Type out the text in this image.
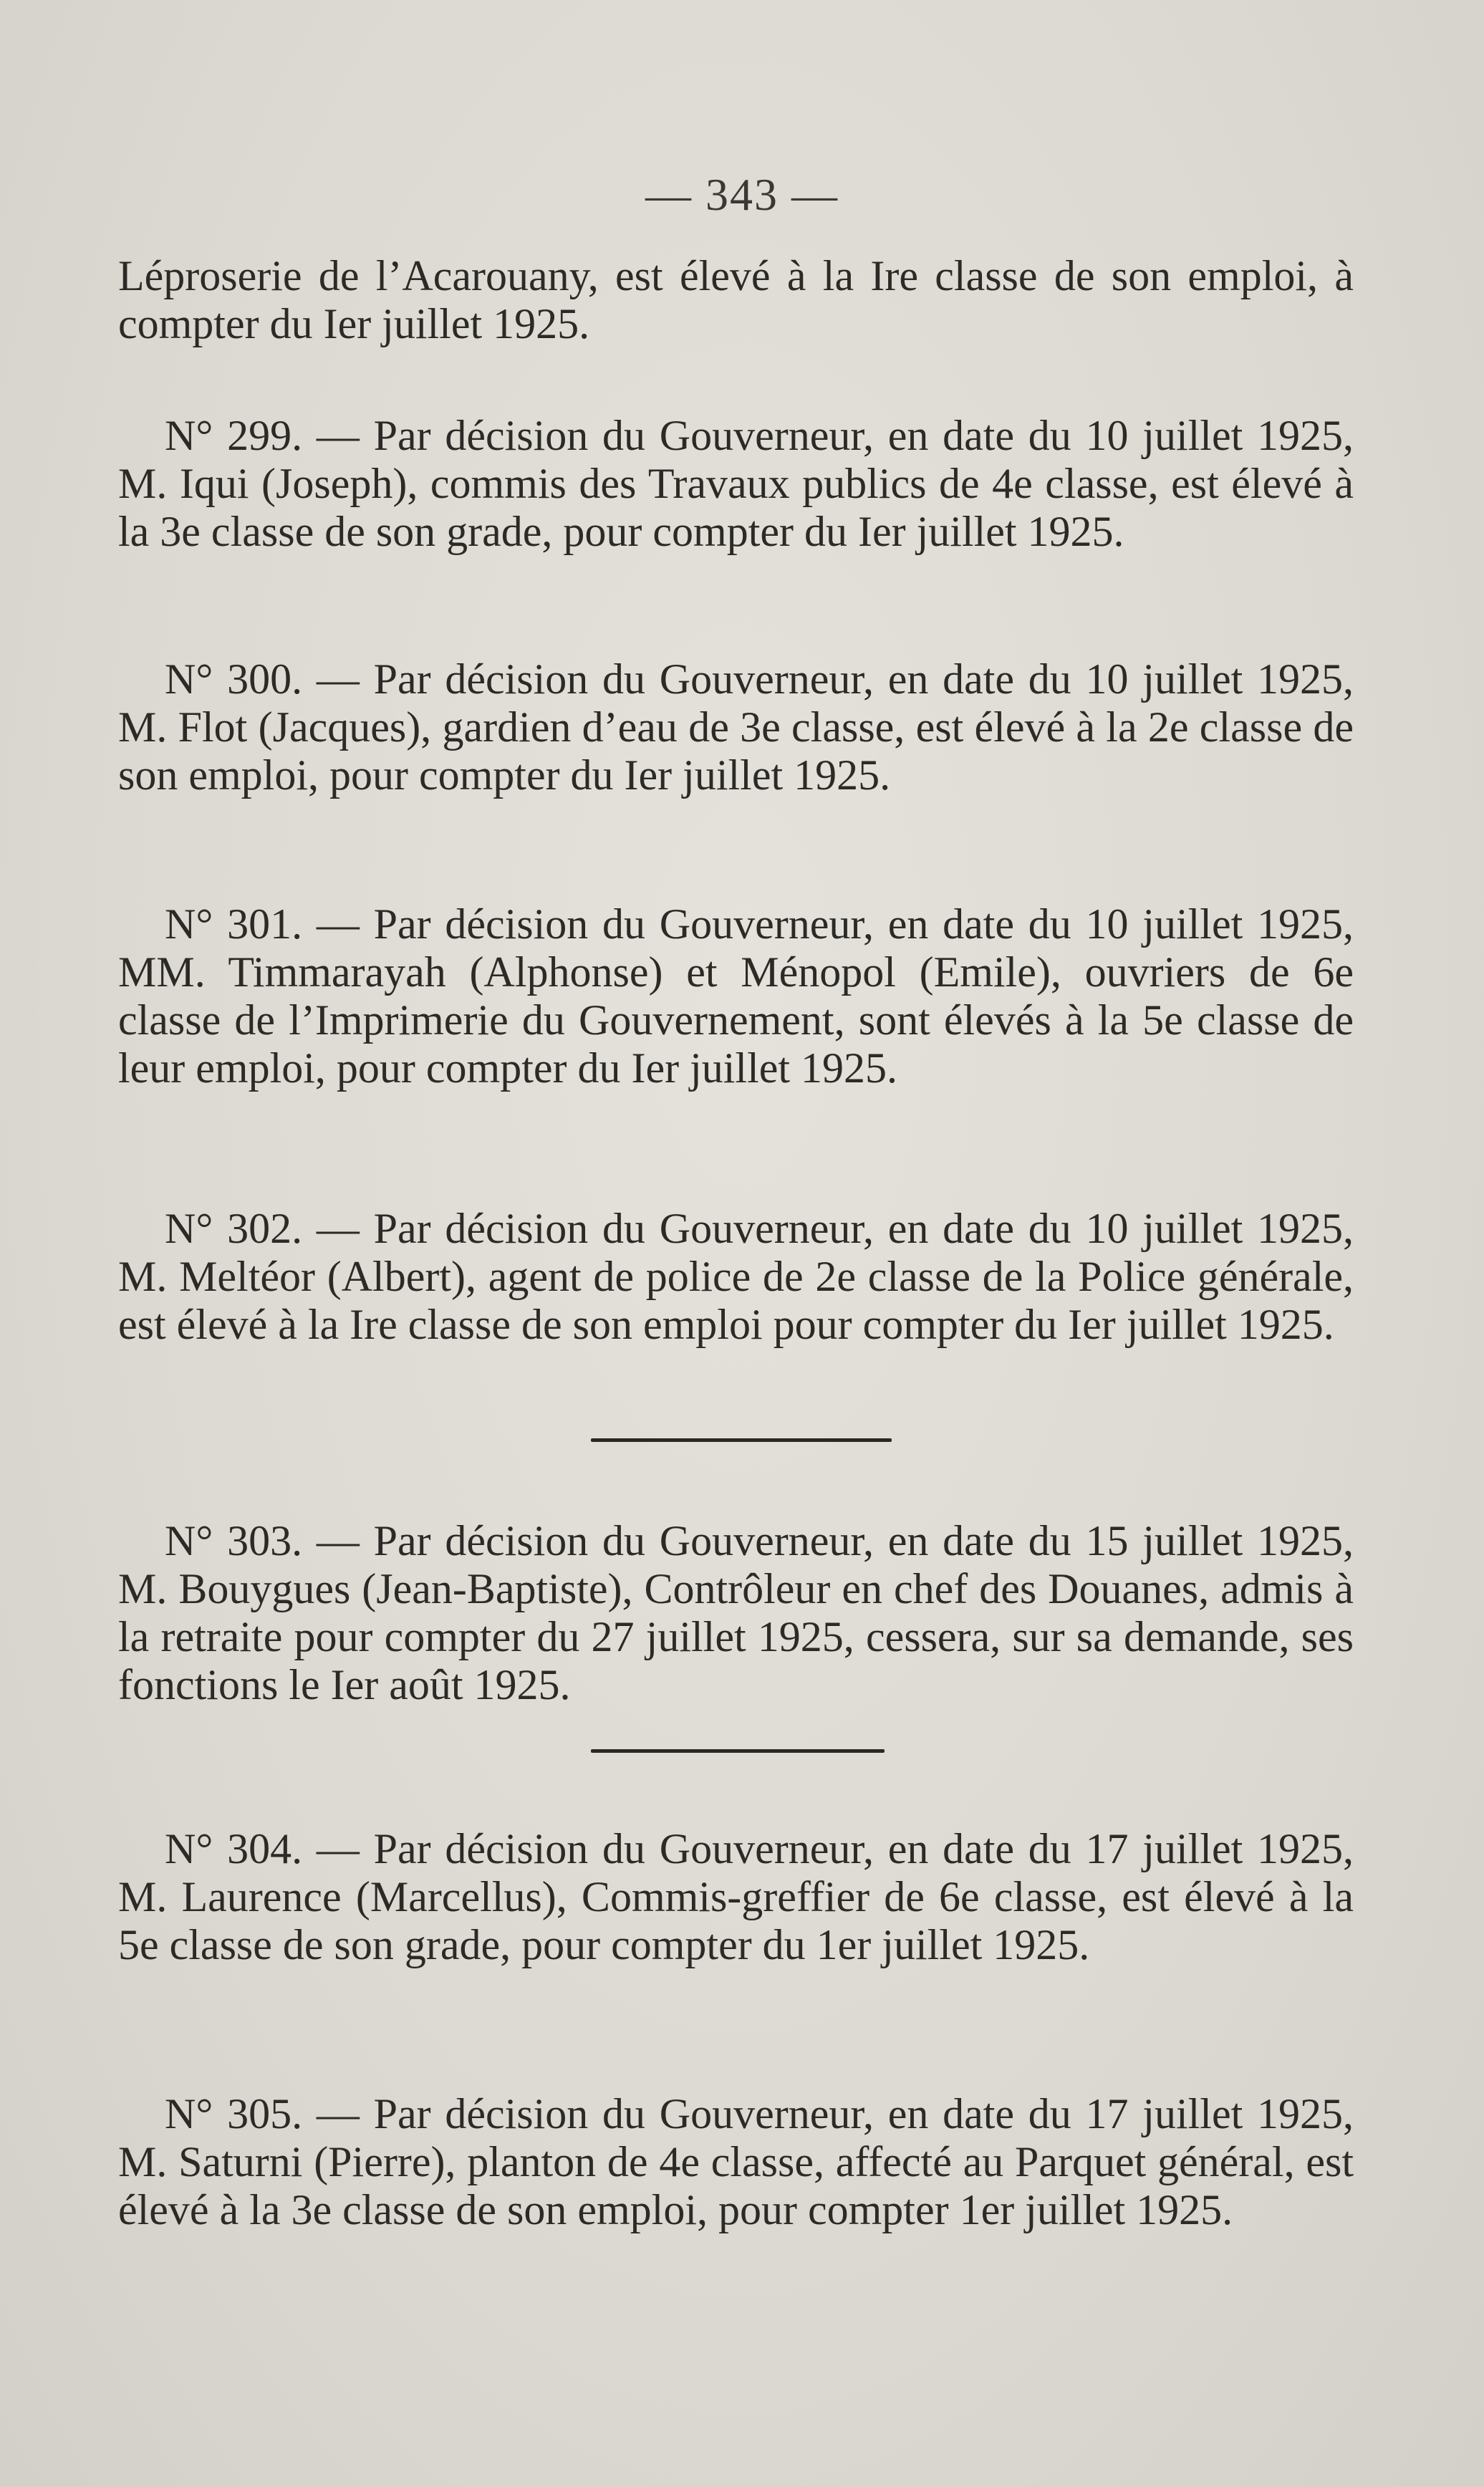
— 343 —
Léproserie de l’Acarouany, est élevé à la Ire classe de son emploi, à compter du Ier juillet 1925.
N° 299. — Par décision du Gouverneur, en date du 10 juillet 1925, M. Iqui (Joseph), commis des Travaux publics de 4e classe, est élevé à la 3e classe de son grade, pour compter du Ier juillet 1925.
N° 300. — Par décision du Gouverneur, en date du 10 juillet 1925, M. Flot (Jacques), gardien d’eau de 3e classe, est élevé à la 2e classe de son emploi, pour compter du Ier juillet 1925.
N° 301. — Par décision du Gouverneur, en date du 10 juillet 1925, MM. Timmarayah (Alphonse) et Ménopol (Emile), ouvriers de 6e classe de l’Imprimerie du Gouvernement, sont élevés à la 5e classe de leur emploi, pour compter du Ier juillet 1925.
N° 302. — Par décision du Gouverneur, en date du 10 juillet 1925, M. Meltéor (Albert), agent de police de 2e classe de la Police générale, est élevé à la Ire classe de son emploi pour compter du Ier juillet 1925.
N° 303. — Par décision du Gouverneur, en date du 15 juillet 1925, M. Bouygues (Jean-Baptiste), Contrôleur en chef des Douanes, admis à la retraite pour compter du 27 juillet 1925, cessera, sur sa demande, ses fonctions le Ier août 1925.
N° 304. — Par décision du Gouverneur, en date du 17 juillet 1925, M. Laurence (Marcellus), Commis-greffier de 6e classe, est élevé à la 5e classe de son grade, pour compter du 1er juillet 1925.
N° 305. — Par décision du Gouverneur, en date du 17 juillet 1925, M. Saturni (Pierre), planton de 4e classe, affecté au Parquet général, est élevé à la 3e classe de son emploi, pour compter 1er juillet 1925.
